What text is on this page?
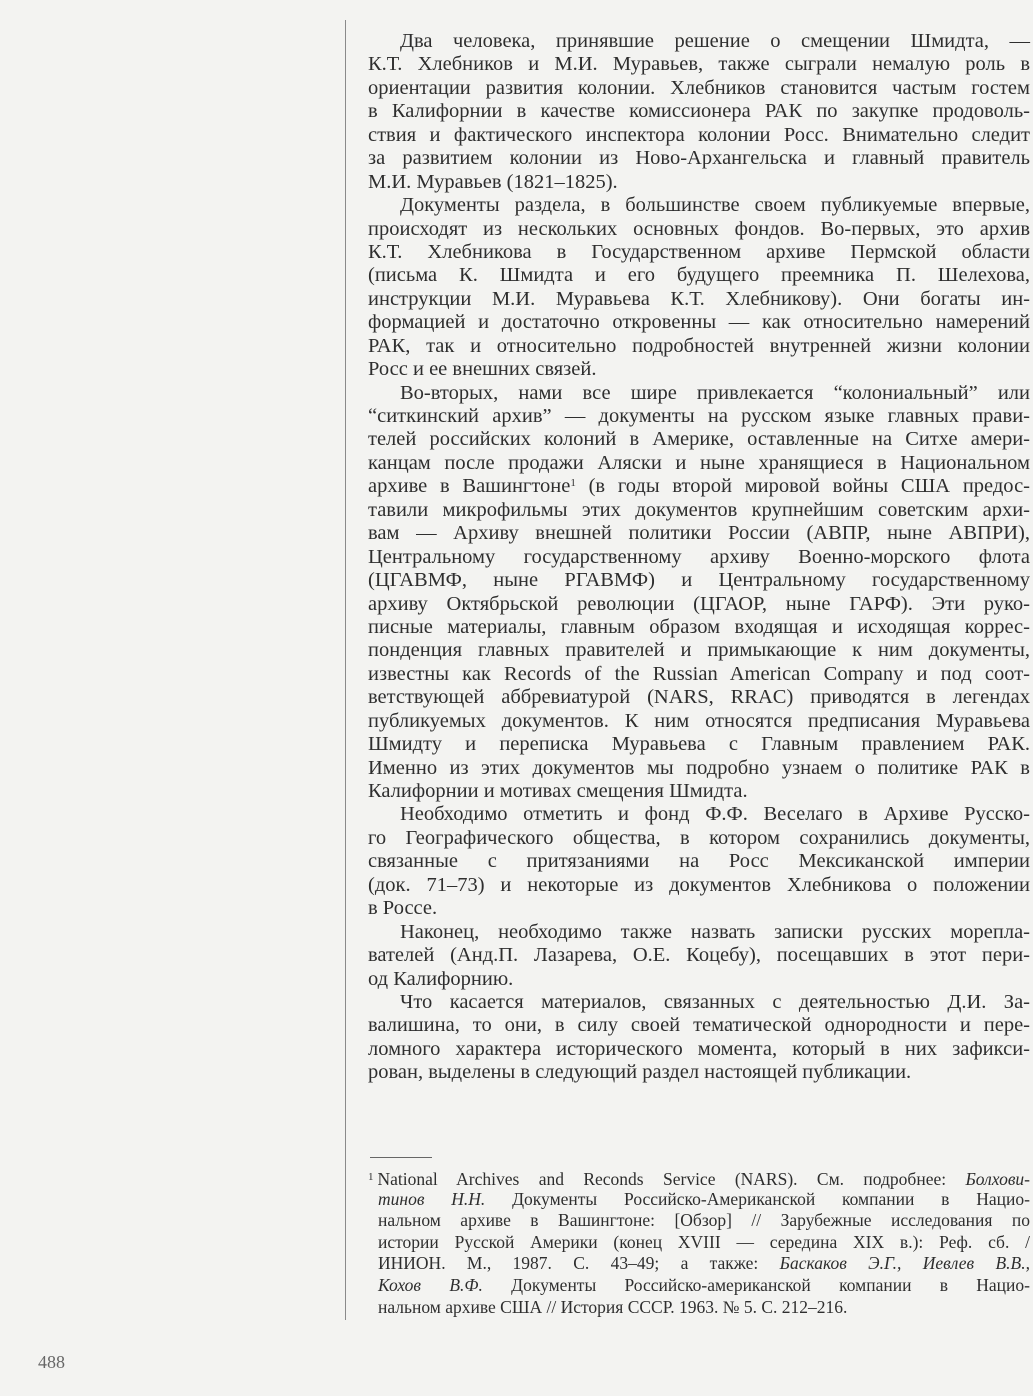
Два человека, принявшие решение о смещении Шмидта, —
К.Т. Хлебников и М.И. Муравьев, также сыграли немалую роль в
ориентации развития колонии. Хлебников становится частым гостем
в Калифорнии в качестве комиссионера РАК по закупке продоволь-
ствия и фактического инспектора колонии Росс. Внимательно следит
за развитием колонии из Ново-Архангельска и главный правитель
М.И. Муравьев (1821–1825).
Документы раздела, в большинстве своем публикуемые впервые,
происходят из нескольких основных фондов. Во-первых, это архив
К.Т. Хлебникова в Государственном архиве Пермской области
(письма К. Шмидта и его будущего преемника П. Шелехова,
инструкции М.И. Муравьева К.Т. Хлебникову). Они богаты ин-
формацией и достаточно откровенны — как относительно намерений
РАК, так и относительно подробностей внутренней жизни колонии
Росс и ее внешних связей.
Во-вторых, нами все шире привлекается “колониальный” или
“ситкинский архив” — документы на русском языке главных прави-
телей российских колоний в Америке, оставленные на Ситхе амери-
канцам после продажи Аляски и ныне хранящиеся в Национальном
архиве в Вашингтоне$^1$ (в годы второй мировой войны США предос-
тавили микрофильмы этих документов крупнейшим советским архи-
вам — Архиву внешней политики России (АВПР, ныне АВПРИ),
Центральному государственному архиву Военно-морского флота
(ЦГАВМФ, ныне РГАВМФ) и Центральному государственному
архиву Октябрьской революции (ЦГАОР, ныне ГАРФ). Эти руко-
писные материалы, главным образом входящая и исходящая коррес-
понденция главных правителей и примыкающие к ним документы,
известны как Records of the Russian American Company и под соот-
ветствующей аббревиатурой (NARS, RRAC) приводятся в легендах
публикуемых документов. К ним относятся предписания Муравьева
Шмидту и переписка Муравьева с Главным правлением РАК.
Именно из этих документов мы подробно узнаем о политике РАК в
Калифорнии и мотивах смещения Шмидта.
Необходимо отметить и фонд Ф.Ф. Веселаго в Архиве Русско-
го Географического общества, в котором сохранились документы,
связанные с притязаниями на Росс Мексиканской империи
(док. 71–73) и некоторые из документов Хлебникова о положении
в Россе.
Наконец, необходимо также назвать записки русских морепла-
вателей (Анд.П. Лазарева, О.Е. Коцебу), посещавших в этот пери-
од Калифорнию.
Что касается материалов, связанных с деятельностью Д.И. За-
валишина, то они, в силу своей тематической однородности и пере-
ломного характера исторического момента, который в них зафикси-
рован, выделены в следующий раздел настоящей публикации.
$^1$ National Archives and Reconds Service (NARS). См. подробнее: Болхови-
тинов Н.Н. Документы Российско-Американской компании в Нацио-
нальном архиве в Вашингтоне: [Обзор] // Зарубежные исследования по
истории Русской Америки (конец XVIII — середина XIX в.): Реф. сб. /
ИНИОН. М., 1987. С. 43–49; а также: Баскаков Э.Г., Иевлев В.В.,
Кохов В.Ф. Документы Российско-американской компании в Нацио-
нальном архиве США // История СССР. 1963. № 5. С. 212–216.
488
